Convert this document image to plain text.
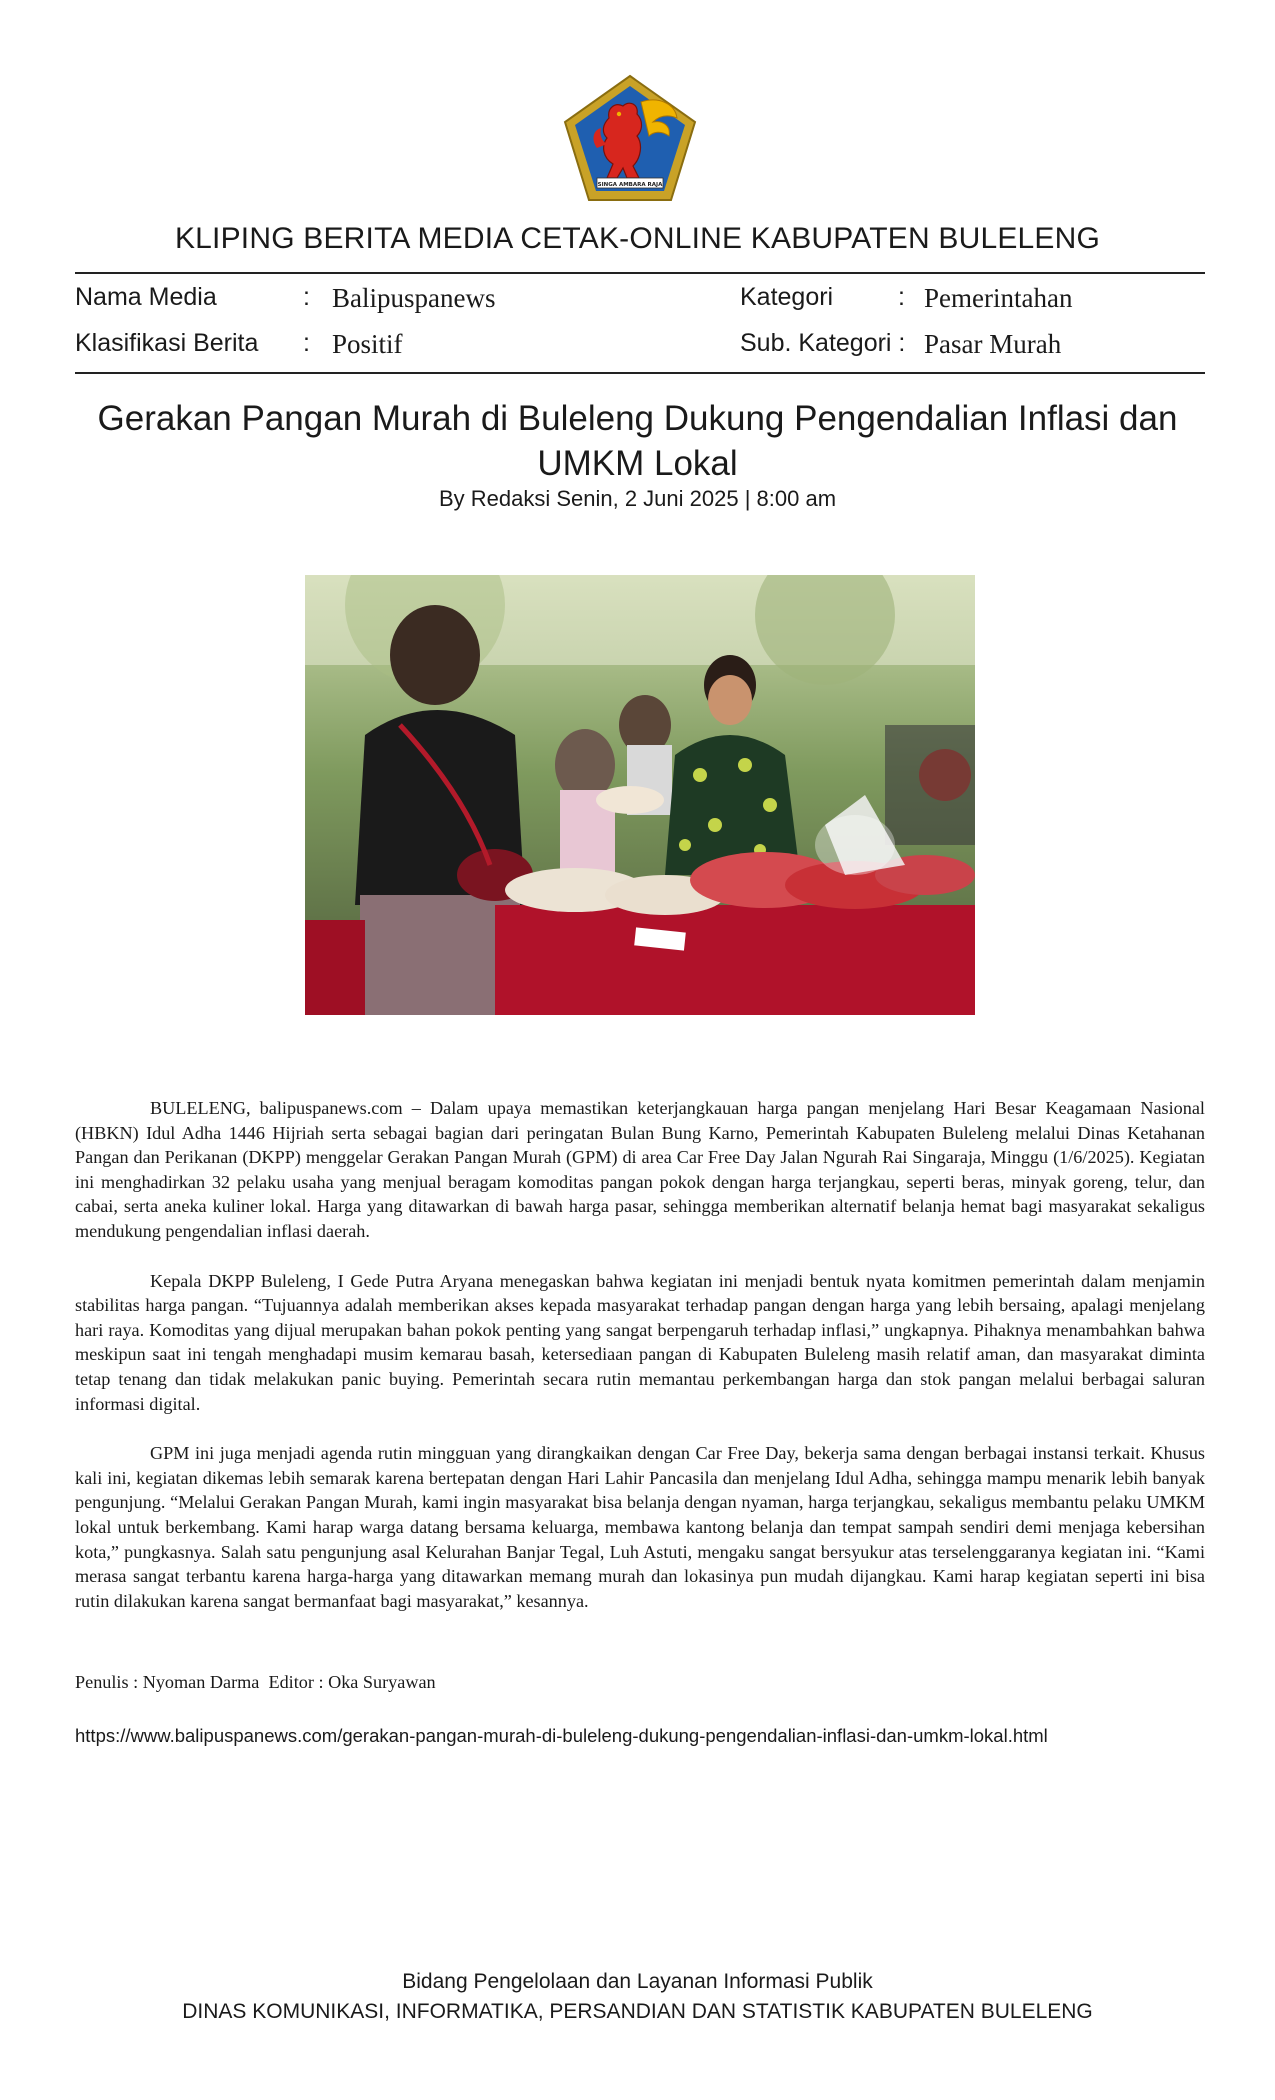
SINGA AMBARA RAJA
KLIPING BERITA MEDIA CETAK-ONLINE KABUPATEN BULELENG
Nama Media	: Balipuspanews	Kategori	: Pemerintahan
Klasifikasi Berita : Positif	Sub. Kategori : Pasar Murah
Gerakan Pangan Murah di Buleleng Dukung Pengendalian Inflasi dan UMKM Lokal
By Redaksi Senin, 2 Juni 2025 | 8:00 am

BULELENG, balipuspanews.com – Dalam upaya memastikan keterjangkauan harga pangan menjelang Hari Besar Keagamaan Nasional (HBKN) Idul Adha 1446 Hijriah serta sebagai bagian dari peringatan Bulan Bung Karno, Pemerintah Kabupaten Buleleng melalui Dinas Ketahanan Pangan dan Perikanan (DKPP) menggelar Gerakan Pangan Murah (GPM) di area Car Free Day Jalan Ngurah Rai Singaraja, Minggu (1/6/2025). Kegiatan ini menghadirkan 32 pelaku usaha yang menjual beragam komoditas pangan pokok dengan harga terjangkau, seperti beras, minyak goreng, telur, dan cabai, serta aneka kuliner lokal. Harga yang ditawarkan di bawah harga pasar, sehingga memberikan alternatif belanja hemat bagi masyarakat sekaligus mendukung pengendalian inflasi daerah.

Kepala DKPP Buleleng, I Gede Putra Aryana menegaskan bahwa kegiatan ini menjadi bentuk nyata komitmen pemerintah dalam menjamin stabilitas harga pangan. “Tujuannya adalah memberikan akses kepada masyarakat terhadap pangan dengan harga yang lebih bersaing, apalagi menjelang hari raya. Komoditas yang dijual merupakan bahan pokok penting yang sangat berpengaruh terhadap inflasi,” ungkapnya. Pihaknya menambahkan bahwa meskipun saat ini tengah menghadapi musim kemarau basah, ketersediaan pangan di Kabupaten Buleleng masih relatif aman, dan masyarakat diminta tetap tenang dan tidak melakukan panic buying. Pemerintah secara rutin memantau perkembangan harga dan stok pangan melalui berbagai saluran informasi digital.

GPM ini juga menjadi agenda rutin mingguan yang dirangkaikan dengan Car Free Day, bekerja sama dengan berbagai instansi terkait. Khusus kali ini, kegiatan dikemas lebih semarak karena bertepatan dengan Hari Lahir Pancasila dan menjelang Idul Adha, sehingga mampu menarik lebih banyak pengunjung. “Melalui Gerakan Pangan Murah, kami ingin masyarakat bisa belanja dengan nyaman, harga terjangkau, sekaligus membantu pelaku UMKM lokal untuk berkembang. Kami harap warga datang bersama keluarga, membawa kantong belanja dan tempat sampah sendiri demi menjaga kebersihan kota,” pungkasnya. Salah satu pengunjung asal Kelurahan Banjar Tegal, Luh Astuti, mengaku sangat bersyukur atas terselenggaranya kegiatan ini. “Kami merasa sangat terbantu karena harga-harga yang ditawarkan memang murah dan lokasinya pun mudah dijangkau. Kami harap kegiatan seperti ini bisa rutin dilakukan karena sangat bermanfaat bagi masyarakat,” kesannya.

Penulis : Nyoman Darma  Editor : Oka Suryawan
https://www.balipuspanews.com/gerakan-pangan-murah-di-buleleng-dukung-pengendalian-inflasi-dan-umkm-lokal.html
Bidang Pengelolaan dan Layanan Informasi Publik
DINAS KOMUNIKASI, INFORMATIKA, PERSANDIAN DAN STATISTIK KABUPATEN BULELENG
